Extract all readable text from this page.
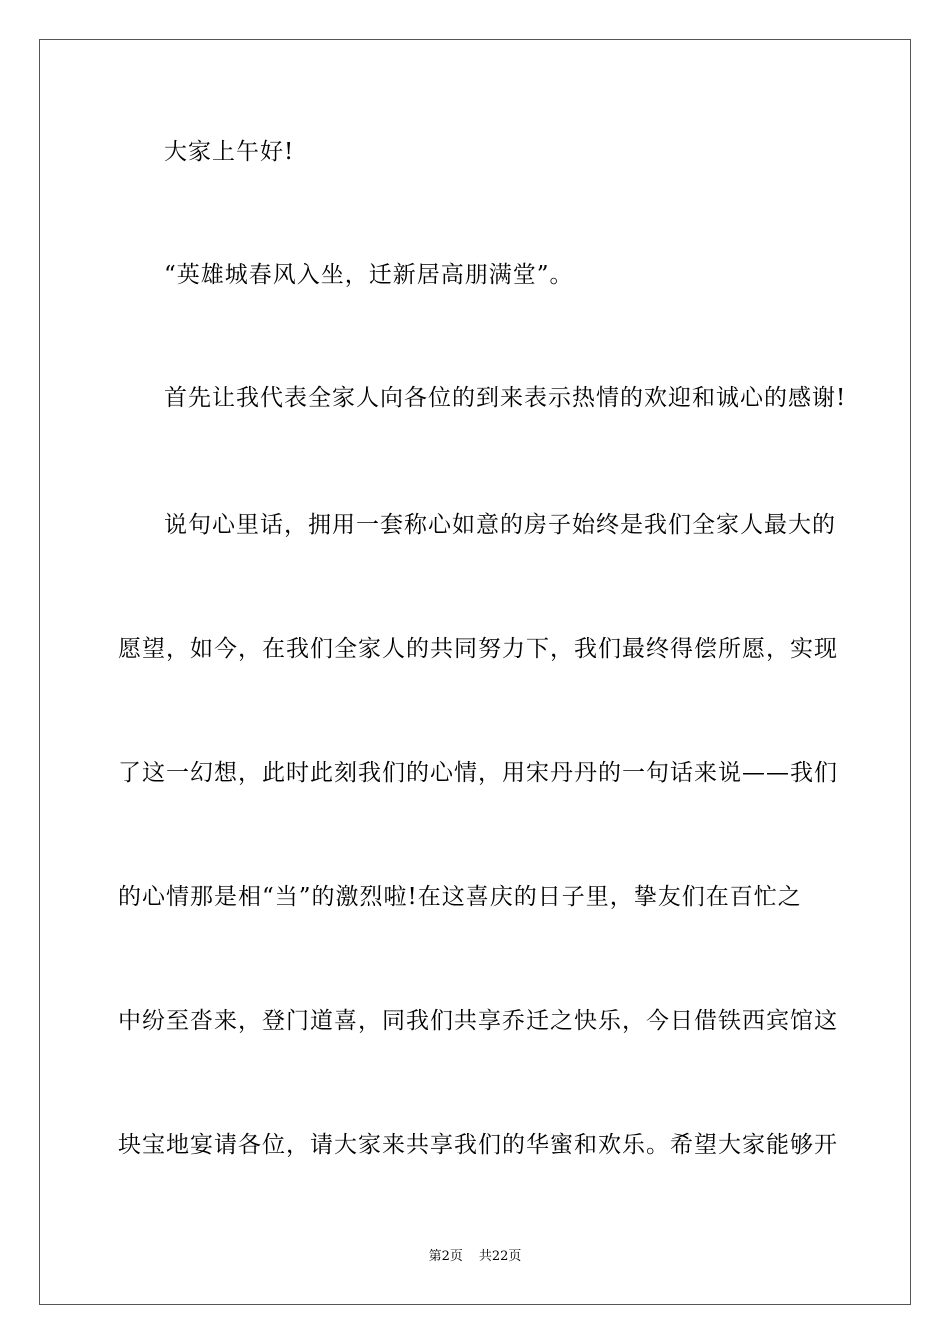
大家上午好!
“英雄城春风入坐，迁新居高朋满堂”。
首先让我代表全家人向各位的到来表示热情的欢迎和诚心的感谢!
说句心里话，拥用一套称心如意的房子始终是我们全家人最大的
愿望，如今，在我们全家人的共同努力下，我们最终得偿所愿，实现
了这一幻想，此时此刻我们的心情，用宋丹丹的一句话来说——我们
的心情那是相“当”的激烈啦!在这喜庆的日子里，挚友们在百忙之
中纷至沓来，登门道喜，同我们共享乔迁之快乐，今日借铁西宾馆这
块宝地宴请各位，请大家来共享我们的华蜜和欢乐。希望大家能够开
第2页 共22页
